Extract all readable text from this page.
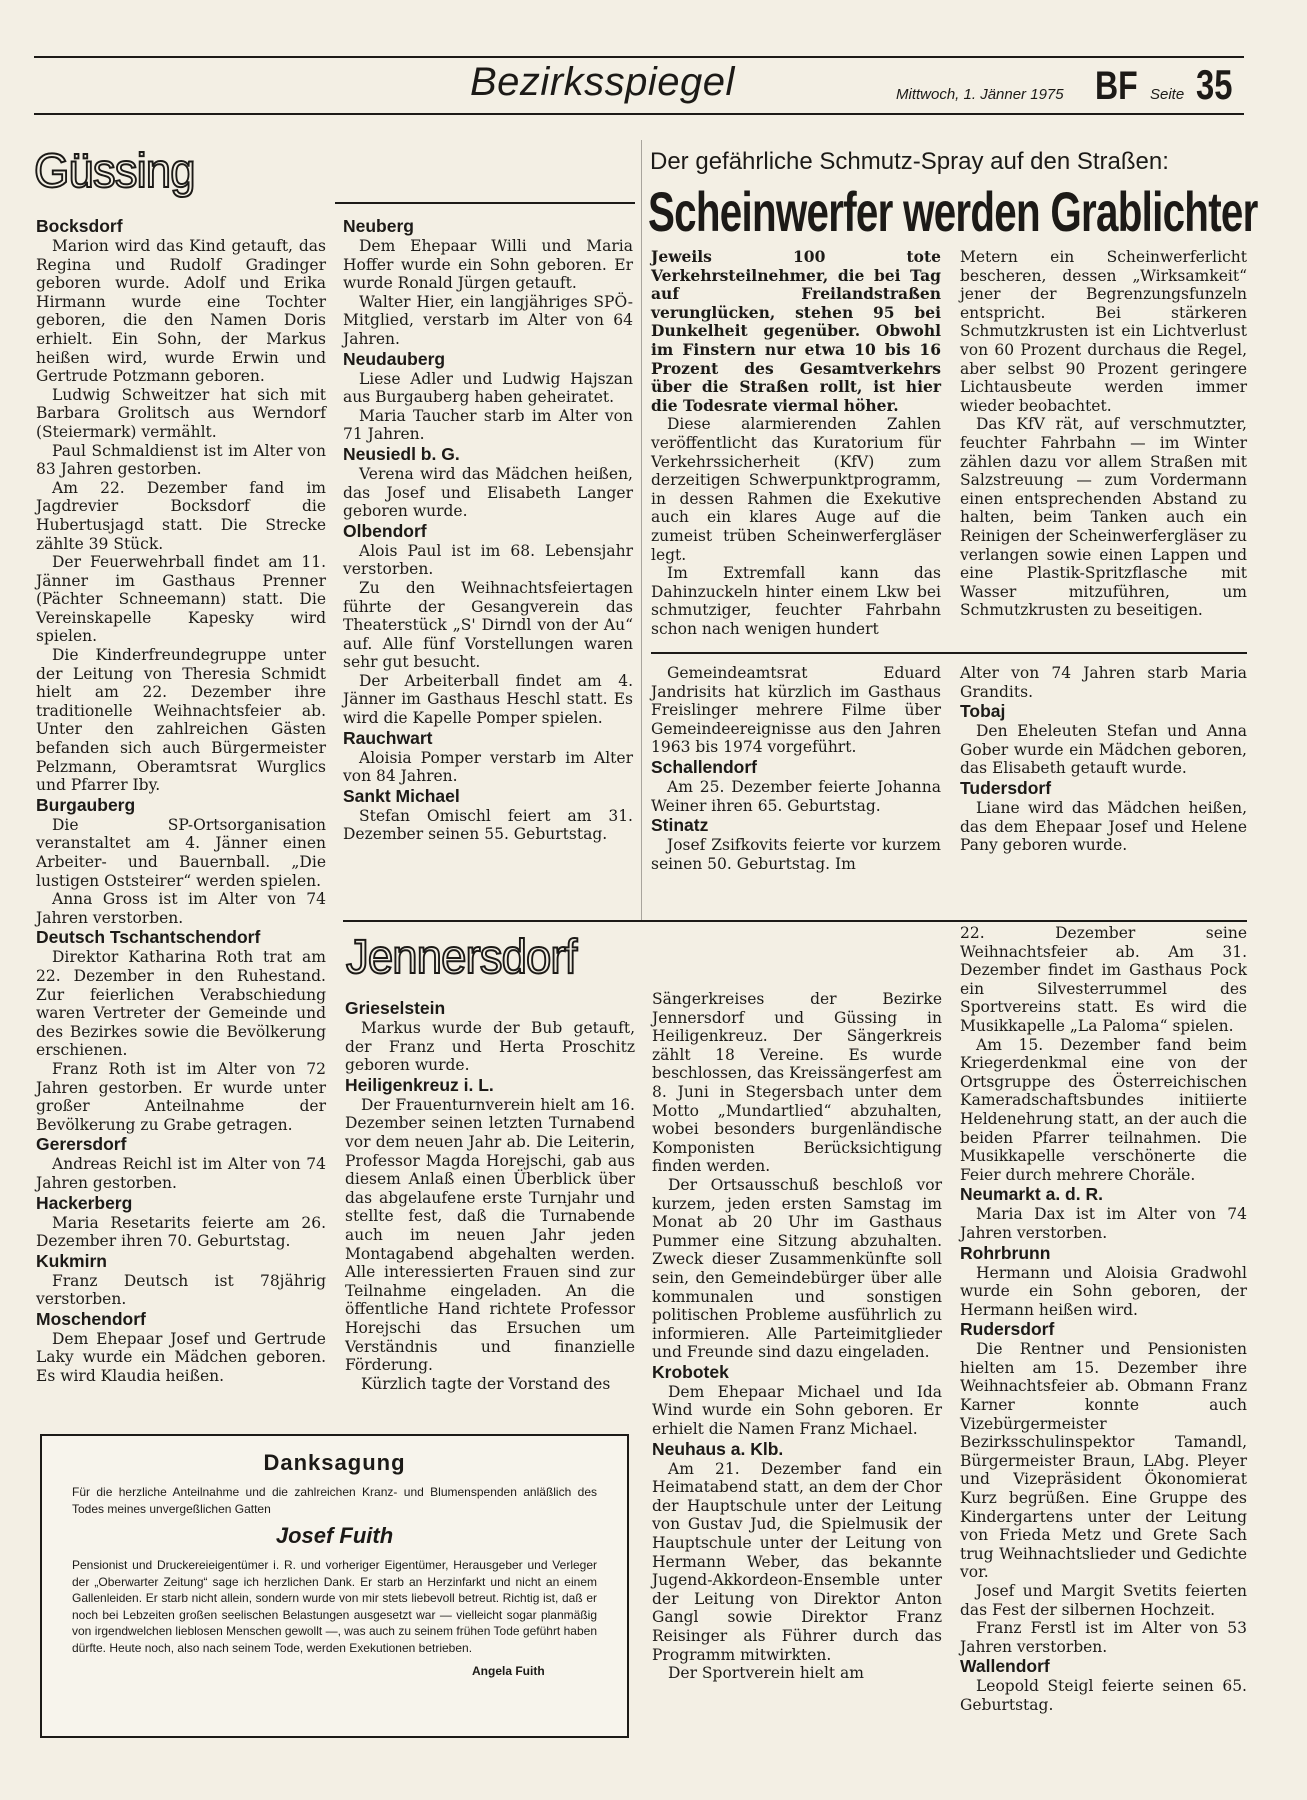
Bezirksspiegel	Mittwoch, 1. Jänner 1975 BF Seite 35
Güssing
Bocksdorf

Marion wird das Kind getauft, das Regina und Rudolf Gradinger geboren wurde. Adolf und Erika Hirmann wurde eine Tochter geboren, die den Namen Doris erhielt. Ein Sohn, der Markus heißen wird, wurde Erwin und Gertrude Potzmann geboren.

Ludwig Schweitzer hat sich mit Barbara Grolitsch aus Werndorf (Steiermark) vermählt.

Paul Schmaldienst ist im Alter von 83 Jahren gestorben.

Am 22. Dezember fand im Jagdrevier Bocksdorf die Hubertusjagd statt. Die Strecke zählte 39 Stück.

Der Feuerwehrball findet am 11. Jänner im Gasthaus Prenner (Pächter Schneemann) statt. Die Vereinskapelle Kapesky wird spielen.

Die Kinderfreundegruppe unter der Leitung von Theresia Schmidt hielt am 22. Dezember ihre traditionelle Weihnachtsfeier ab. Unter den zahlreichen Gästen befanden sich auch Bürgermeister Pelzmann, Oberamtsrat Wurglics und Pfarrer Iby.

Burgauberg

Die SP-Ortsorganisation veranstaltet am 4. Jänner einen Arbeiter- und Bauernball. „Die lustigen Oststeirer“ werden spielen.

Anna Gross ist im Alter von 74 Jahren verstorben.

Deutsch Tschantschendorf

Direktor Katharina Roth trat am 22. Dezember in den Ruhestand. Zur feierlichen Verabschiedung waren Vertreter der Gemeinde und des Bezirkes sowie die Bevölkerung erschienen.

Franz Roth ist im Alter von 72 Jahren gestorben. Er wurde unter großer Anteilnahme der Bevölkerung zu Grabe getragen.

Gerersdorf

Andreas Reichl ist im Alter von 74 Jahren gestorben.

Hackerberg

Maria Resetarits feierte am 26. Dezember ihren 70. Geburtstag.

Kukmirn

Franz Deutsch ist 78jährig verstorben.

Moschendorf

Dem Ehepaar Josef und Gertrude Laky wurde ein Mädchen geboren. Es wird Klaudia heißen.

Neuberg

Dem Ehepaar Willi und Maria Hoffer wurde ein Sohn geboren. Er wurde Ronald Jürgen getauft.

Walter Hier, ein langjähriges SPÖ-Mitglied, verstarb im Alter von 64 Jahren.

Neudauberg

Liese Adler und Ludwig Hajszan aus Burgauberg haben geheiratet.

Maria Taucher starb im Alter von 71 Jahren.

Neusiedl b. G.

Verena wird das Mädchen heißen, das Josef und Elisabeth Langer geboren wurde.

Olbendorf

Alois Paul ist im 68. Lebensjahr verstorben.

Zu den Weihnachtsfeiertagen führte der Gesangverein das Theaterstück „S' Dirndl von der Au“ auf. Alle fünf Vorstellungen waren sehr gut besucht.

Der Arbeiterball findet am 4. Jänner im Gasthaus Heschl statt. Es wird die Kapelle Pomper spielen.

Rauchwart

Aloisia Pomper verstarb im Alter von 84 Jahren.

Sankt Michael

Stefan Omischl feiert am 31. Dezember seinen 55. Geburtstag.

Der gefährliche Schmutz-Spray auf den Straßen:
Scheinwerfer werden Grablichter

Jeweils 100 tote Verkehrsteilnehmer, die bei Tag auf Freilandstraßen verunglücken, stehen 95 bei Dunkelheit gegenüber. Obwohl im Finstern nur etwa 10 bis 16 Prozent des Gesamtverkehrs über die Straßen rollt, ist hier die Todesrate viermal höher.

Diese alarmierenden Zahlen veröffentlicht das Kuratorium für Verkehrssicherheit (KfV) zum derzeitigen Schwerpunktprogramm, in dessen Rahmen die Exekutive auch ein klares Auge auf die zumeist trüben Scheinwerfergläser legt.

Im Extremfall kann das Dahinzuckeln hinter einem Lkw bei schmutziger, feuchter Fahrbahn schon nach wenigen hundert

Metern ein Scheinwerferlicht bescheren, dessen „Wirksamkeit“ jener der Begrenzungsfunzeln entspricht. Bei stärkeren Schmutzkrusten ist ein Lichtverlust von 60 Prozent durchaus die Regel, aber selbst 90 Prozent geringere Lichtausbeute werden immer wieder beobachtet.

Das KfV rät, auf verschmutzter, feuchter Fahrbahn — im Winter zählen dazu vor allem Straßen mit Salzstreuung — zum Vordermann einen entsprechenden Abstand zu halten, beim Tanken auch ein Reinigen der Scheinwerfergläser zu verlangen sowie einen Lappen und eine Plastik-Spritzflasche mit Wasser mitzuführen, um Schmutzkrusten zu beseitigen.

Gemeindeamtsrat Eduard Jandrisits hat kürzlich im Gasthaus Freislinger mehrere Filme über Gemeindeereignisse aus den Jahren 1963 bis 1974 vorgeführt.

Schallendorf

Am 25. Dezember feierte Johanna Weiner ihren 65. Geburtstag.

Stinatz

Josef Zsifkovits feierte vor kurzem seinen 50. Geburtstag. Im

Alter von 74 Jahren starb Maria Grandits.

Tobaj

Den Eheleuten Stefan und Anna Gober wurde ein Mädchen geboren, das Elisabeth getauft wurde.

Tudersdorf

Liane wird das Mädchen heißen, das dem Ehepaar Josef und Helene Pany geboren wurde.

Jennersdorf
Grieselstein

Markus wurde der Bub getauft, der Franz und Herta Proschitz geboren wurde.

Heiligenkreuz i. L.

Der Frauenturnverein hielt am 16. Dezember seinen letzten Turnabend vor dem neuen Jahr ab. Die Leiterin, Professor Magda Horejschi, gab aus diesem Anlaß einen Überblick über das abgelaufene erste Turnjahr und stellte fest, daß die Turnabende auch im neuen Jahr jeden Montagabend abgehalten werden. Alle interessierten Frauen sind zur Teilnahme eingeladen. An die öffentliche Hand richtete Professor Horejschi das Ersuchen um Verständnis und finanzielle Förderung.

Kürzlich tagte der Vorstand des

Sängerkreises der Bezirke Jennersdorf und Güssing in Heiligenkreuz. Der Sängerkreis zählt 18 Vereine. Es wurde beschlossen, das Kreissängerfest am 8. Juni in Stegersbach unter dem Motto „Mundartlied“ abzuhalten, wobei besonders burgenländische Komponisten Berücksichtigung finden werden.

Der Ortsausschuß beschloß vor kurzem, jeden ersten Samstag im Monat ab 20 Uhr im Gasthaus Pummer eine Sitzung abzuhalten. Zweck dieser Zusammenkünfte soll sein, den Gemeindebürger über alle kommunalen und sonstigen politischen Probleme ausführlich zu informieren. Alle Parteimitglieder und Freunde sind dazu eingeladen.

Krobotek

Dem Ehepaar Michael und Ida Wind wurde ein Sohn geboren. Er erhielt die Namen Franz Michael.

Neuhaus a. Klb.

Am 21. Dezember fand ein Heimatabend statt, an dem der Chor der Hauptschule unter der Leitung von Gustav Jud, die Spielmusik der Hauptschule unter der Leitung von Hermann Weber, das bekannte Jugend-Akkordeon-Ensemble unter der Leitung von Direktor Anton Gangl sowie Direktor Franz Reisinger als Führer durch das Programm mitwirkten.

Der Sportverein hielt am

22. Dezember seine Weihnachtsfeier ab. Am 31. Dezember findet im Gasthaus Pock ein Silvesterrummel des Sportvereins statt. Es wird die Musikkapelle „La Paloma“ spielen.

Am 15. Dezember fand beim Kriegerdenkmal eine von der Ortsgruppe des Österreichischen Kameradschaftsbundes initiierte Heldenehrung statt, an der auch die beiden Pfarrer teilnahmen. Die Musikkapelle verschönerte die Feier durch mehrere Choräle.

Neumarkt a. d. R.

Maria Dax ist im Alter von 74 Jahren verstorben.

Rohrbrunn

Hermann und Aloisia Gradwohl wurde ein Sohn geboren, der Hermann heißen wird.

Rudersdorf

Die Rentner und Pensionisten hielten am 15. Dezember ihre Weihnachtsfeier ab. Obmann Franz Karner konnte auch Vizebürgermeister Bezirksschulinspektor Tamandl, Bürgermeister Braun, LAbg. Pleyer und Vizepräsident Ökonomierat Kurz begrüßen. Eine Gruppe des Kindergartens unter der Leitung von Frieda Metz und Grete Sach trug Weihnachtslieder und Gedichte vor.

Josef und Margit Svetits feierten das Fest der silbernen Hochzeit.

Franz Ferstl ist im Alter von 53 Jahren verstorben.

Wallendorf

Leopold Steigl feierte seinen 65. Geburtstag.

Danksagung

Für die herzliche Anteilnahme und die zahlreichen Kranz- und Blumenspenden anläßlich des Todes meines unvergeßlichen Gatten

Josef Fuith

Pensionist und Druckereieigentümer i. R. und vorheriger Eigentümer, Herausgeber und Verleger der „Oberwarter Zeitung“ sage ich herzlichen Dank. Er starb an Herzinfarkt und nicht an einem Gallenleiden. Er starb nicht allein, sondern wurde von mir stets liebevoll betreut. Richtig ist, daß er noch bei Lebzeiten großen seelischen Belastungen ausgesetzt war — vielleicht sogar planmäßig von irgendwelchen lieblosen Menschen gewollt —, was auch zu seinem frühen Tode geführt haben dürfte. Heute noch, also nach seinem Tode, werden Exekutionen betrieben.

Angela Fuith
